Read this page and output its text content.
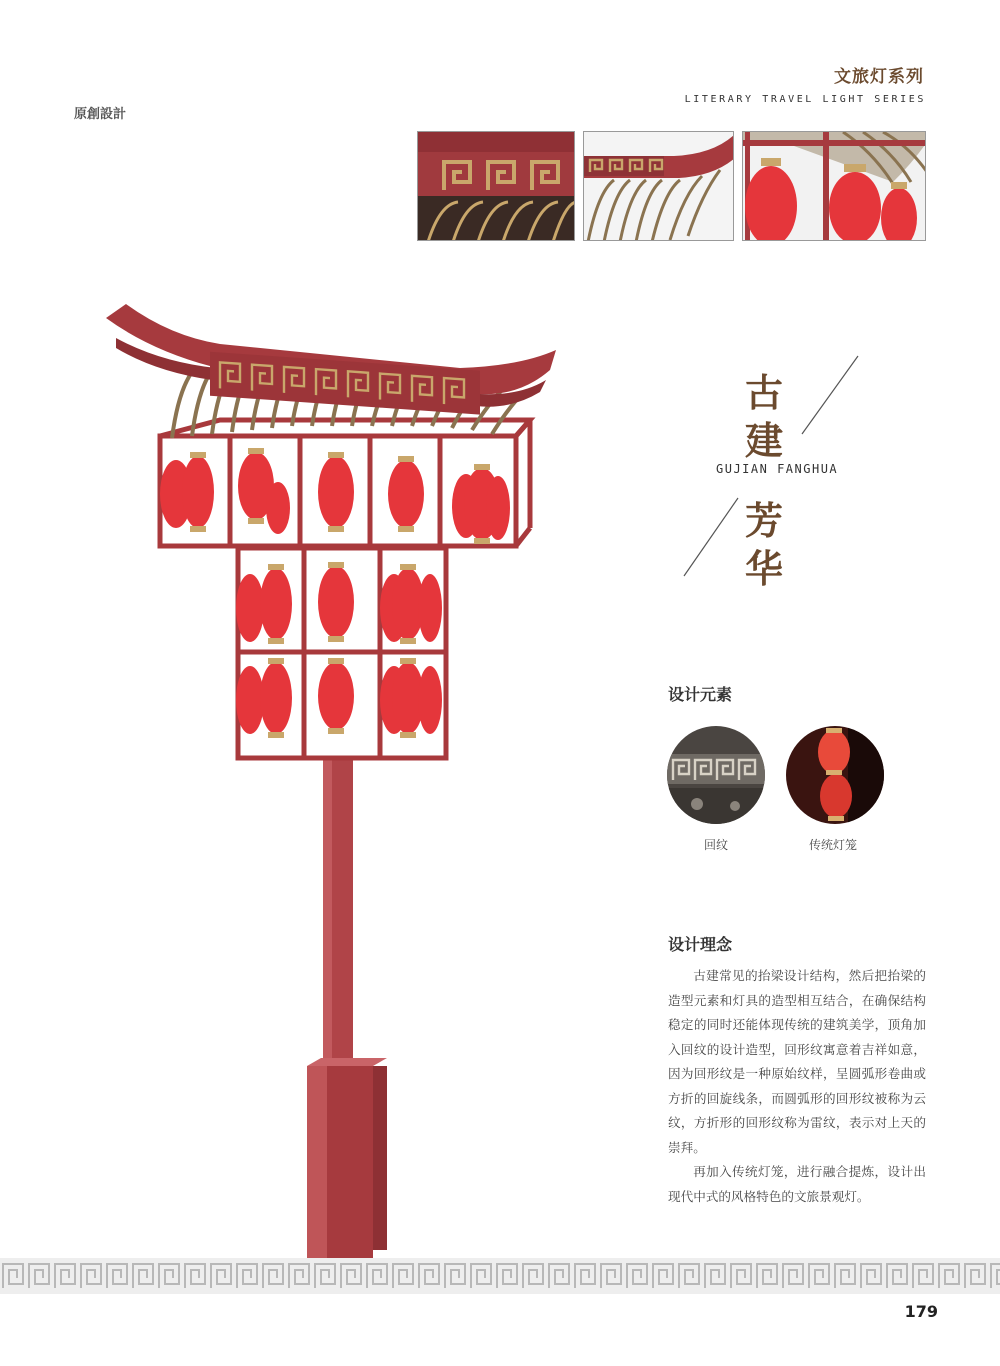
文旅灯系列
LITERARY TRAVEL LIGHT SERIES
原創設計
古
建
芳
华
GUJIAN FANGHUA
设计元素
回纹	传统灯笼
设计理念

古建常见的抬梁设计结构，然后把抬梁的造型元素和灯具的造型相互结合，在确保结构稳定的同时还能体现传统的建筑美学，顶角加入回纹的设计造型，回形纹寓意着吉祥如意，因为回形纹是一种原始纹样，呈圆弧形卷曲或方折的回旋线条，而圆弧形的回形纹被称为云纹，方折形的回形纹称为雷纹，表示对上天的崇拜。

再加入传统灯笼，进行融合提炼，设计出现代中式的风格特色的文旅景观灯。

179
